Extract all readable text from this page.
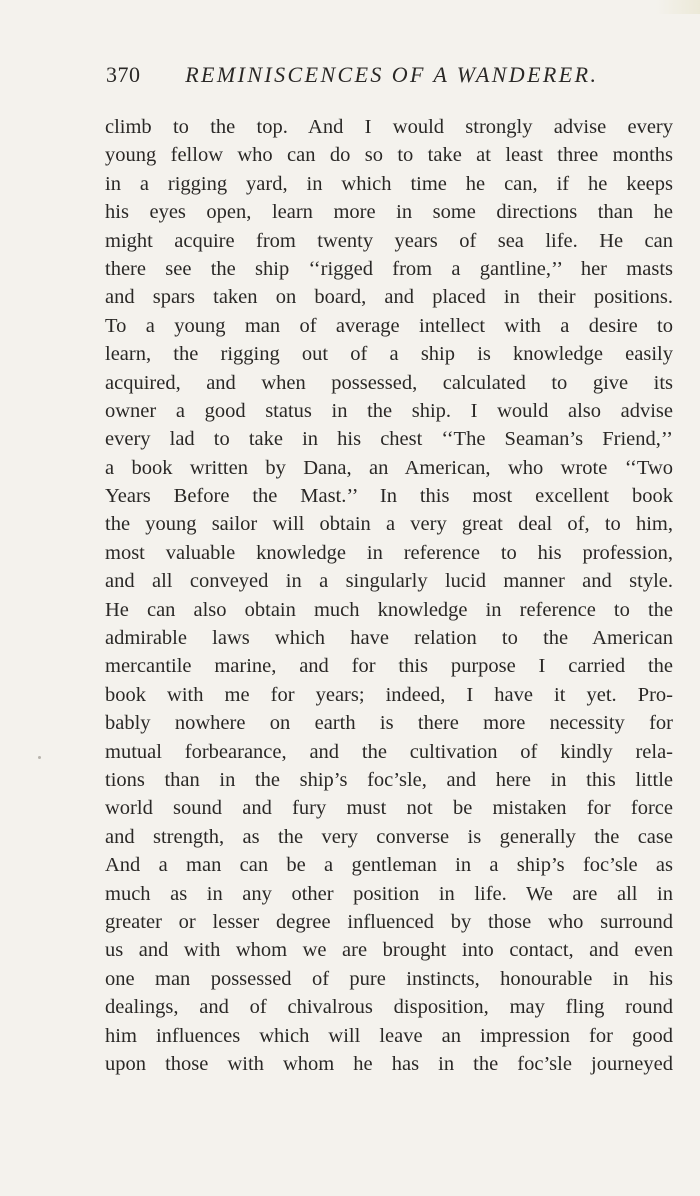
370 REMINISCENCES OF A WANDERER.
climb to the top. And I would strongly advise every
young fellow who can do so to take at least three months
in a rigging yard, in which time he can, if he keeps
his eyes open, learn more in some directions than he
might acquire from twenty years of sea life. He can
there see the ship ‘‘rigged from a gantline,’’ her masts
and spars taken on board, and placed in their positions.
To a young man of average intellect with a desire to
learn, the rigging out of a ship is knowledge easily
acquired, and when possessed, calculated to give its
owner a good status in the ship. I would also advise
every lad to take in his chest ‘‘The Seaman’s Friend,’’
a book written by Dana, an American, who wrote ‘‘Two
Years Before the Mast.’’ In this most excellent book
the young sailor will obtain a very great deal of, to him,
most valuable knowledge in reference to his profession,
and all conveyed in a singularly lucid manner and style.
He can also obtain much knowledge in reference to the
admirable laws which have relation to the American
mercantile marine, and for this purpose I carried the
book with me for years; indeed, I have it yet. Pro-
bably nowhere on earth is there more necessity for
mutual forbearance, and the cultivation of kindly rela-
tions than in the ship’s foc’sle, and here in this little
world sound and fury must not be mistaken for force
and strength, as the very converse is generally the case
And a man can be a gentleman in a ship’s foc’sle as
much as in any other position in life. We are all in
greater or lesser degree influenced by those who surround
us and with whom we are brought into contact, and even
one man possessed of pure instincts, honourable in his
dealings, and of chivalrous disposition, may fling round
him influences which will leave an impression for good
upon those with whom he has in the foc’sle journeyed
